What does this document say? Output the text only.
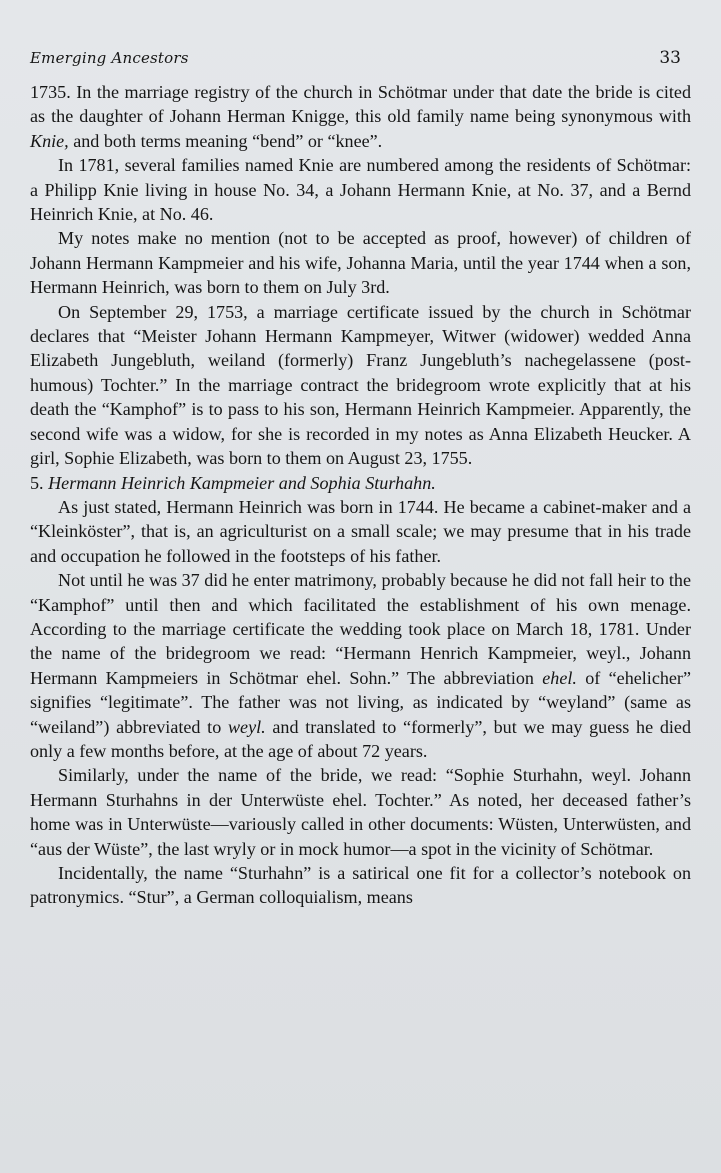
Emerging Ancestors	33

1735. In the marriage registry of the church in Schötmar under that date the bride is cited as the daughter of Johann Herman Knigge, this old family name being synonymous with Knie, and both terms meaning “bend” or “knee”.

In 1781, several families named Knie are numbered among the residents of Schötmar: a Philipp Knie living in house No. 34, a Johann Hermann Knie, at No. 37, and a Bernd Heinrich Knie, at No. 46.

My notes make no mention (not to be accepted as proof, however) of children of Johann Hermann Kampmeier and his wife, Johanna Maria, until the year 1744 when a son, Hermann Heinrich, was born to them on July 3rd.

On September 29, 1753, a marriage certificate issued by the church in Schötmar declares that “Meister Johann Hermann Kampmeyer, Witwer (widower) wedded Anna Elizabeth Jungebluth, weiland (formerly) Franz Jungebluth’s nachegelassene (post-humous) Tochter.” In the marriage contract the bridegroom wrote explicitly that at his death the “Kamphof” is to pass to his son, Hermann Heinrich Kampmeier. Apparently, the second wife was a widow, for she is recorded in my notes as Anna Elizabeth Heucker. A girl, Sophie Elizabeth, was born to them on August 23, 1755.

5. Hermann Heinrich Kampmeier and Sophia Sturhahn.

As just stated, Hermann Heinrich was born in 1744. He became a cabinet-maker and a “Kleinköster”, that is, an agriculturist on a small scale; we may presume that in his trade and occupation he followed in the footsteps of his father.

Not until he was 37 did he enter matrimony, probably because he did not fall heir to the “Kamphof” until then and which facilitated the establishment of his own menage. According to the marriage certificate the wedding took place on March 18, 1781. Under the name of the bridegroom we read: “Hermann Henrich Kampmeier, weyl., Johann Hermann Kampmeiers in Schötmar ehel. Sohn.” The abbreviation ehel. of “ehelicher” signifies “legitimate”. The father was not living, as indicated by “weyland” (same as “weiland”) abbreviated to weyl. and translated to “formerly”, but we may guess he died only a few months before, at the age of about 72 years.

Similarly, under the name of the bride, we read: “Sophie Sturhahn, weyl. Johann Hermann Sturhahns in der Unterwüste ehel. Tochter.” As noted, her deceased father’s home was in Unterwüste—variously called in other documents: Wüsten, Unterwüsten, and “aus der Wüste”, the last wryly or in mock humor—a spot in the vicinity of Schötmar.

Incidentally, the name “Sturhahn” is a satirical one fit for a collector’s notebook on patronymics. “Stur”, a German colloquialism, means
